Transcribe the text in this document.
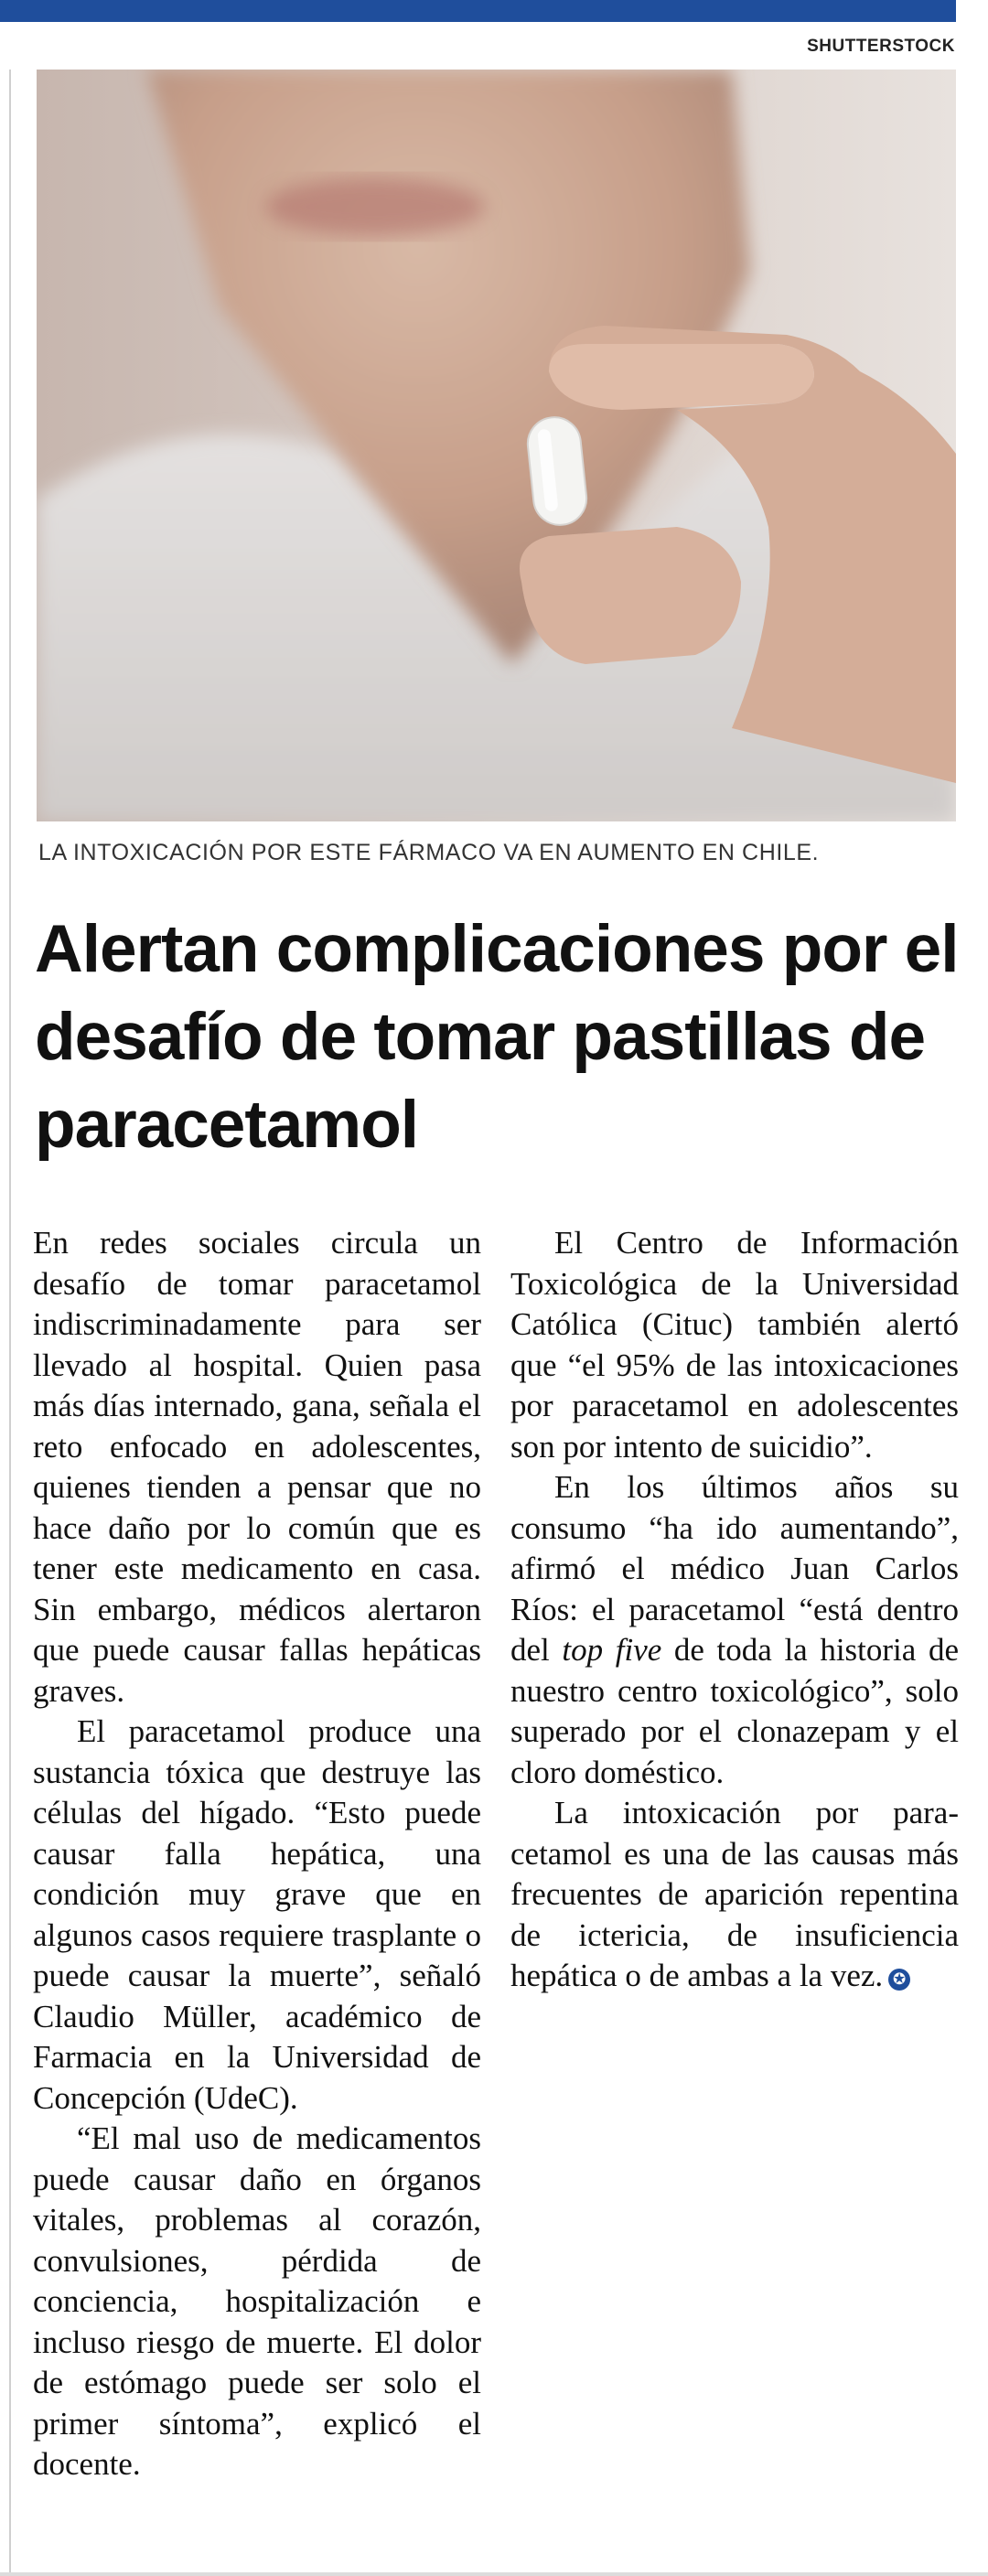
SHUTTERSTOCK
LA INTOXICACIÓN POR ESTE FÁRMACO VA EN AUMENTO EN CHILE.
Alertan complicaciones por el desafío de tomar pastillas de paracetamol

En redes sociales circula un desafío de tomar paracetamol indiscriminadamente para ser llevado al hospital. Quien pasa más días internado, gana, señala el reto enfocado en adolescentes, quienes tienden a pensar que no hace daño por lo común que es tener este medicamento en casa. Sin embargo, médicos alertaron que puede causar fallas hepáticas graves.

El paracetamol produce una sustancia tóxica que destruye las células del hígado. “Esto puede causar falla hepática, una condición muy grave que en algunos casos requiere trasplante o puede causar la muerte”, señaló Claudio Müller, académico de Farmacia en la Universidad de Concepción (UdeC).

“El mal uso de medicamentos puede causar daño en órganos vitales, problemas al corazón, convulsiones, pérdida de conciencia, hospitalización e incluso riesgo de muerte. El dolor de estómago puede ser solo el primer síntoma”, explicó el docente.

El Centro de Información Toxicológica de la Universidad Católica (Cituc) también alertó que “el 95% de las intoxicaciones por paracetamol en adolescentes son por intento de suicidio”.

En los últimos años su consumo “ha ido aumentando”, afirmó el médico Juan Carlos Ríos: el paracetamol “está dentro del top five de toda la historia de nuestro centro toxicológico”, solo superado por el clonazepam y el cloro doméstico.

La intoxicación por paracetamol es una de las causas más frecuentes de aparición repentina de ictericia, de insuficiencia hepática o de ambas a la vez. ✪
